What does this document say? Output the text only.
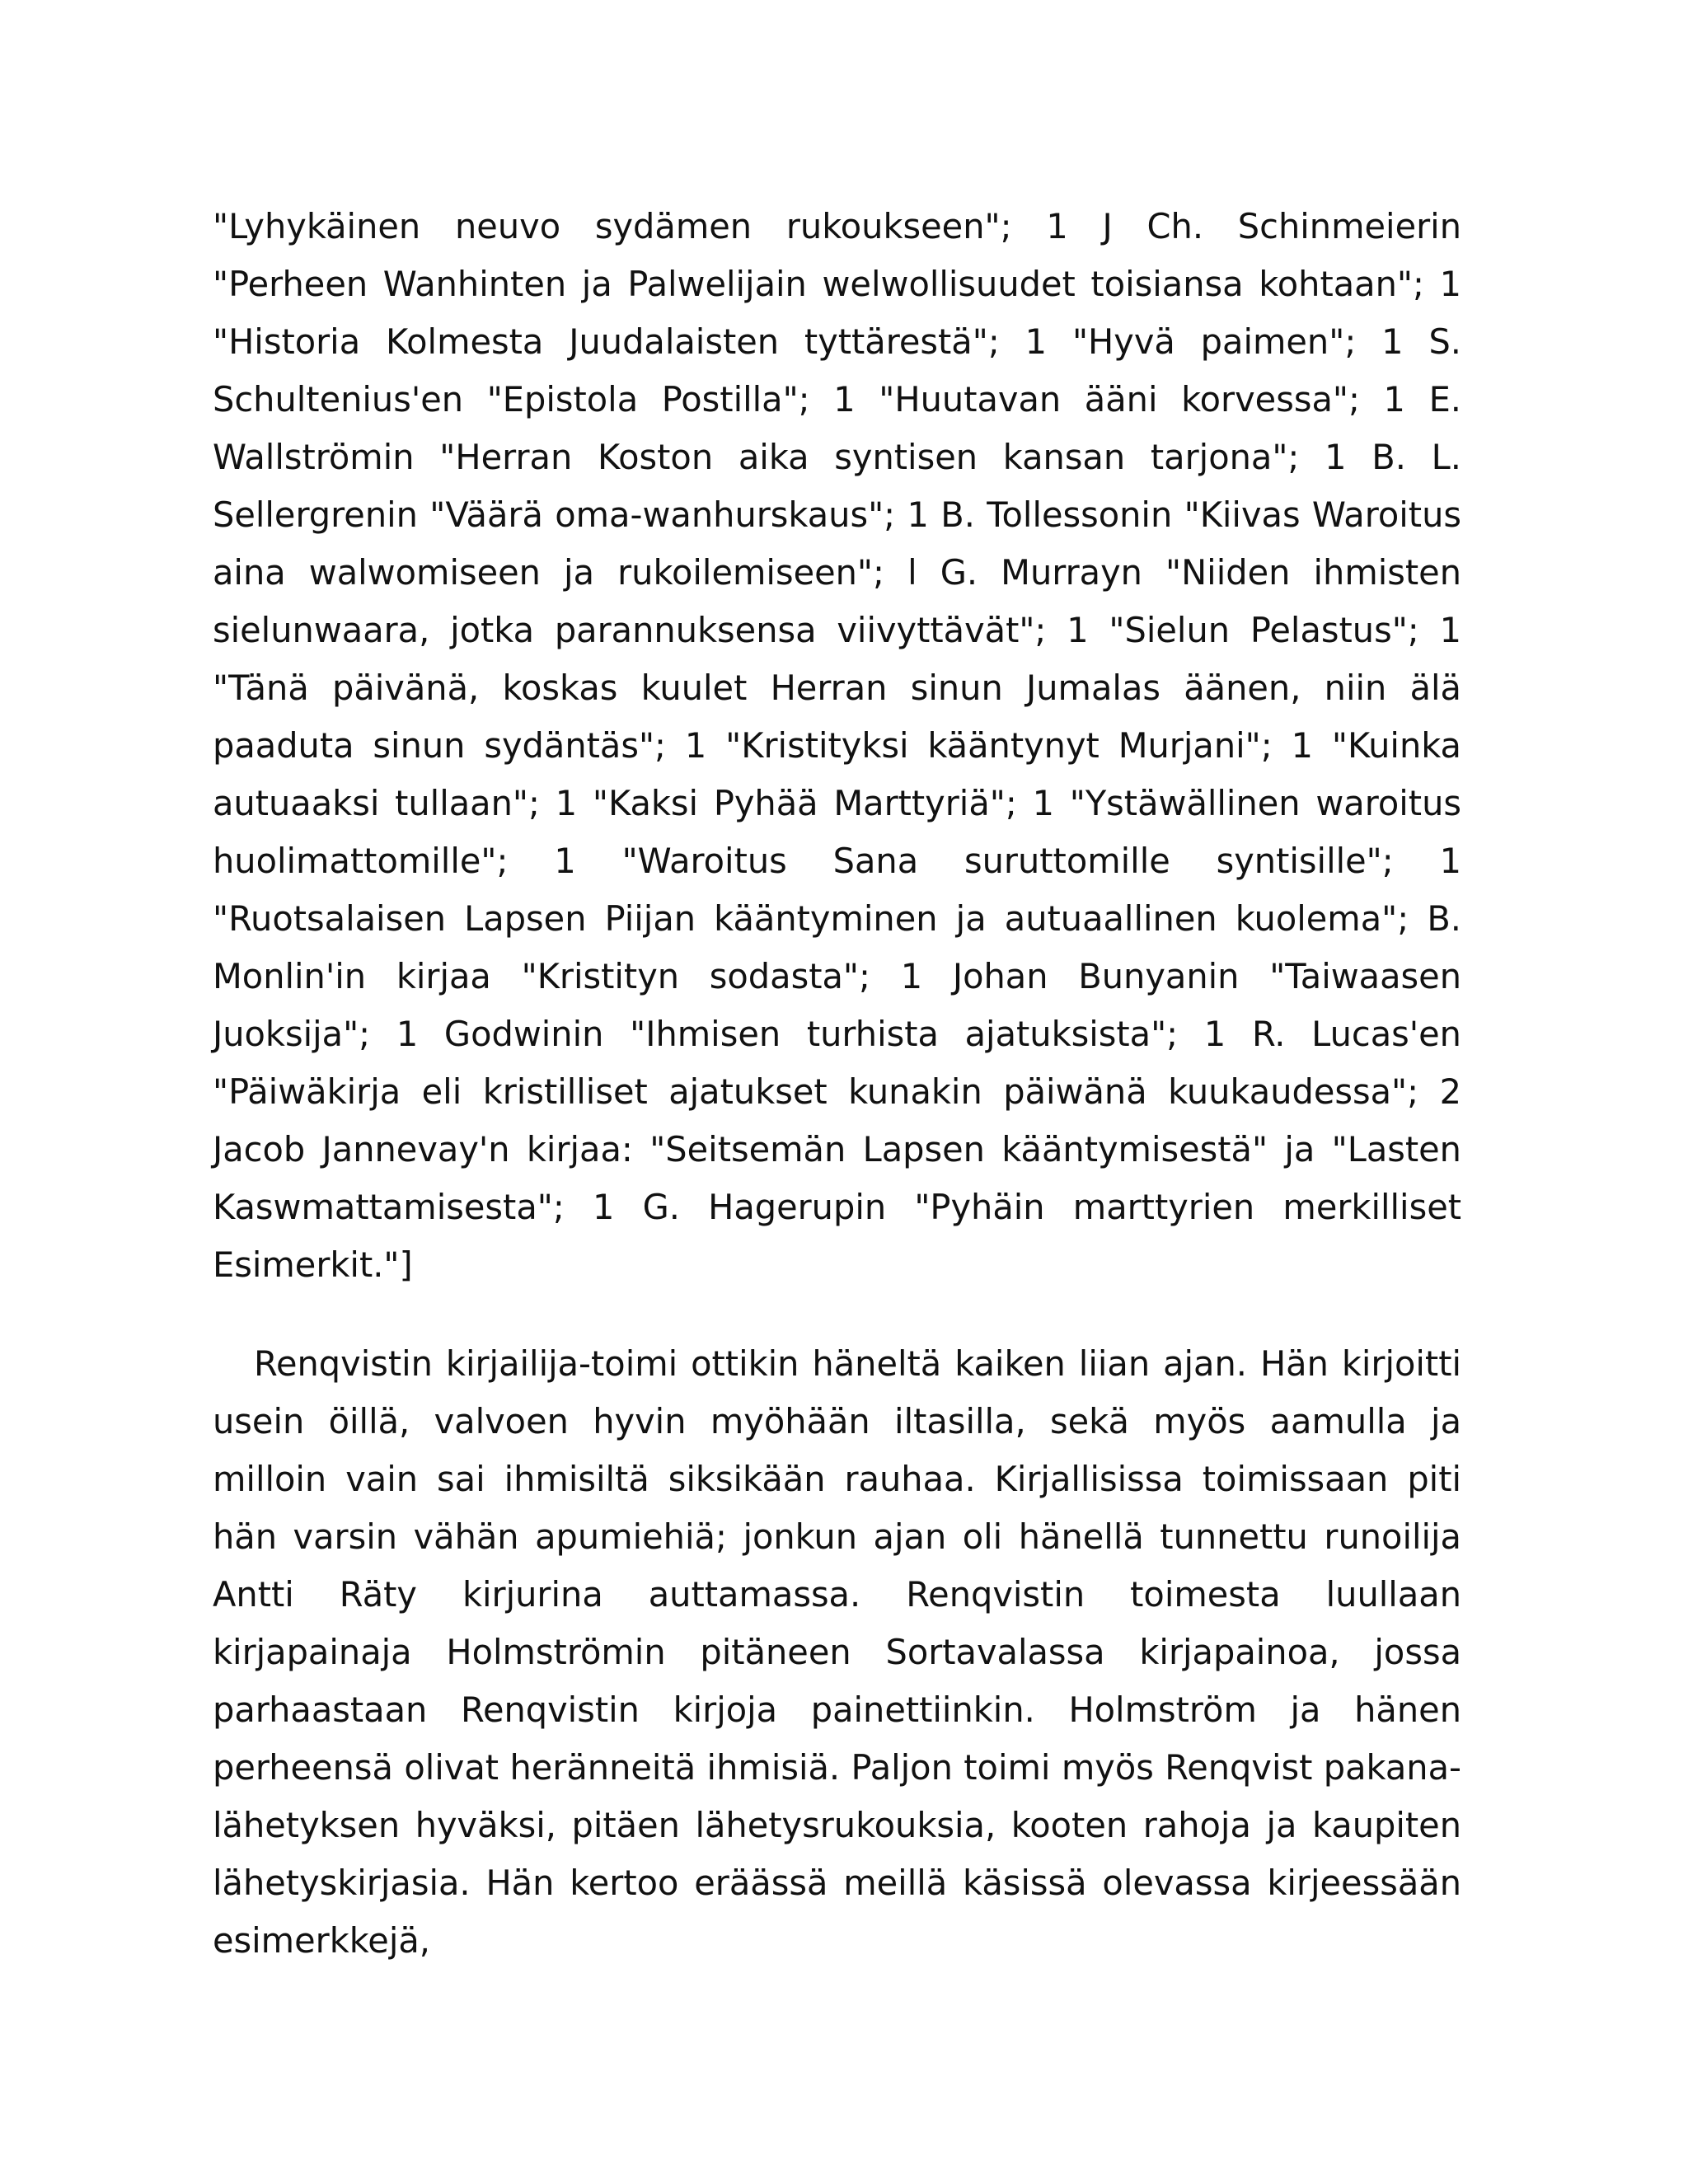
"Lyhykäinen neuvo sydämen rukoukseen"; 1 J Ch. Schinmeierin "Perheen Wanhinten ja Palwelijain welwollisuudet toisiansa kohtaan"; 1 "Historia Kolmesta Juudalaisten tyttärestä"; 1 "Hyvä paimen"; 1 S. Schultenius'en "Epistola Postilla"; 1 "Huutavan ääni korvessa"; 1 E. Wallströmin "Herran Koston aika syntisen kansan tarjona"; 1 B. L. Sellergrenin "Väärä oma-wanhurskaus"; 1 B. Tollessonin "Kiivas Waroitus aina walwomiseen ja rukoilemiseen"; l G. Murrayn "Niiden ihmisten sielunwaara, jotka parannuksensa viivyttävät"; 1 "Sielun Pelastus"; 1 "Tänä päivänä, koskas kuulet Herran sinun Jumalas äänen, niin älä paaduta sinun sydäntäs"; 1 "Kristityksi kääntynyt Murjani"; 1 "Kuinka autuaaksi tullaan"; 1 "Kaksi Pyhää Marttyriä"; 1 "Ystäwällinen waroitus huolimattomille"; 1 "Waroitus Sana suruttomille syntisille"; 1 "Ruotsalaisen Lapsen Piijan kääntyminen ja autuaallinen kuolema"; B. Monlin'in kirjaa "Kristityn sodasta"; 1 Johan Bunyanin "Taiwaasen Juoksija"; 1 Godwinin "Ihmisen turhista ajatuksista"; 1 R. Lucas'en "Päiwäkirja eli kristilliset ajatukset kunakin päiwänä kuukaudessa"; 2 Jacob Jannevay'n kirjaa: "Seitsemän Lapsen kääntymisestä" ja "Lasten Kaswmattamisesta"; 1 G. Hagerupin "Pyhäin marttyrien merkilliset Esimerkit."]

Renqvistin kirjailija-toimi ottikin häneltä kaiken liian ajan. Hän kirjoitti usein öillä, valvoen hyvin myöhään iltasilla, sekä myös aamulla ja milloin vain sai ihmisiltä siksikään rauhaa. Kirjallisissa toimissaan piti hän varsin vähän apumiehiä; jonkun ajan oli hänellä tunnettu runoilija Antti Räty kirjurina auttamassa. Renqvistin toimesta luullaan kirjapainaja Holmströmin pitäneen Sortavalassa kirjapainoa, jossa parhaastaan Renqvistin kirjoja painettiinkin. Holmström ja hänen perheensä olivat heränneitä ihmisiä. Paljon toimi myös Renqvist pakana-lähetyksen hyväksi, pitäen lähetysrukouksia, kooten rahoja ja kaupiten lähetyskirjasia. Hän kertoo eräässä meillä käsissä olevassa kirjeessään esimerkkejä,
